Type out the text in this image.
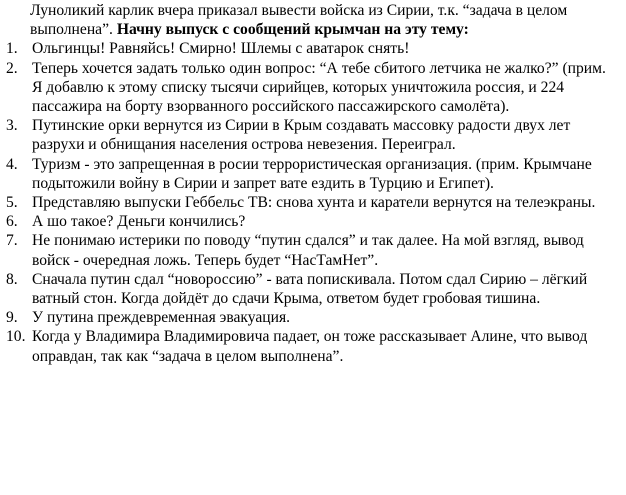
Луноликий карлик вчера приказал вывести войска из Сирии, т.к. “задача в целом выполнена”. Начну выпуск с сообщений крымчан на эту тему:

1. Ольгинцы! Равняйсь! Смирно! Шлемы с аватарок снять!
2. Теперь хочется задать только один вопрос: “А тебе сбитого летчика не жалко?” (прим. Я добавлю к этому списку тысячи сирийцев, которых уничтожила россия, и 224 пассажира на борту взорванного российского пассажирского самолёта).
3. Путинские орки вернутся из Сирии в Крым создавать массовку радости двух лет разрухи и обнищания населения острова невезения. Переиграл.
4. Туризм - это запрещенная в росии террористическая организация. (прим. Крымчане подытожили войну в Сирии и запрет вате ездить в Турцию и Египет).
5. Представляю выпуски Геббельс ТВ: снова хунта и каратели вернутся на телеэкраны.
6. А шо такое? Деньги кончились?
7. Не понимаю истерики по поводу “путин сдался” и так далее. На мой взгляд, вывод войск - очередная ложь. Теперь будет “НасТамНет”.
8. Сначала путин сдал “новороссию” - вата попискивала. Потом сдал Сирию – лёгкий ватный стон. Когда дойдёт до сдачи Крыма, ответом будет гробовая тишина.
9. У путина преждевременная эвакуация.
10. Когда у Владимира Владимировича падает, он тоже рассказывает Алине, что вывод оправдан, так как “задача в целом выполнена”.
